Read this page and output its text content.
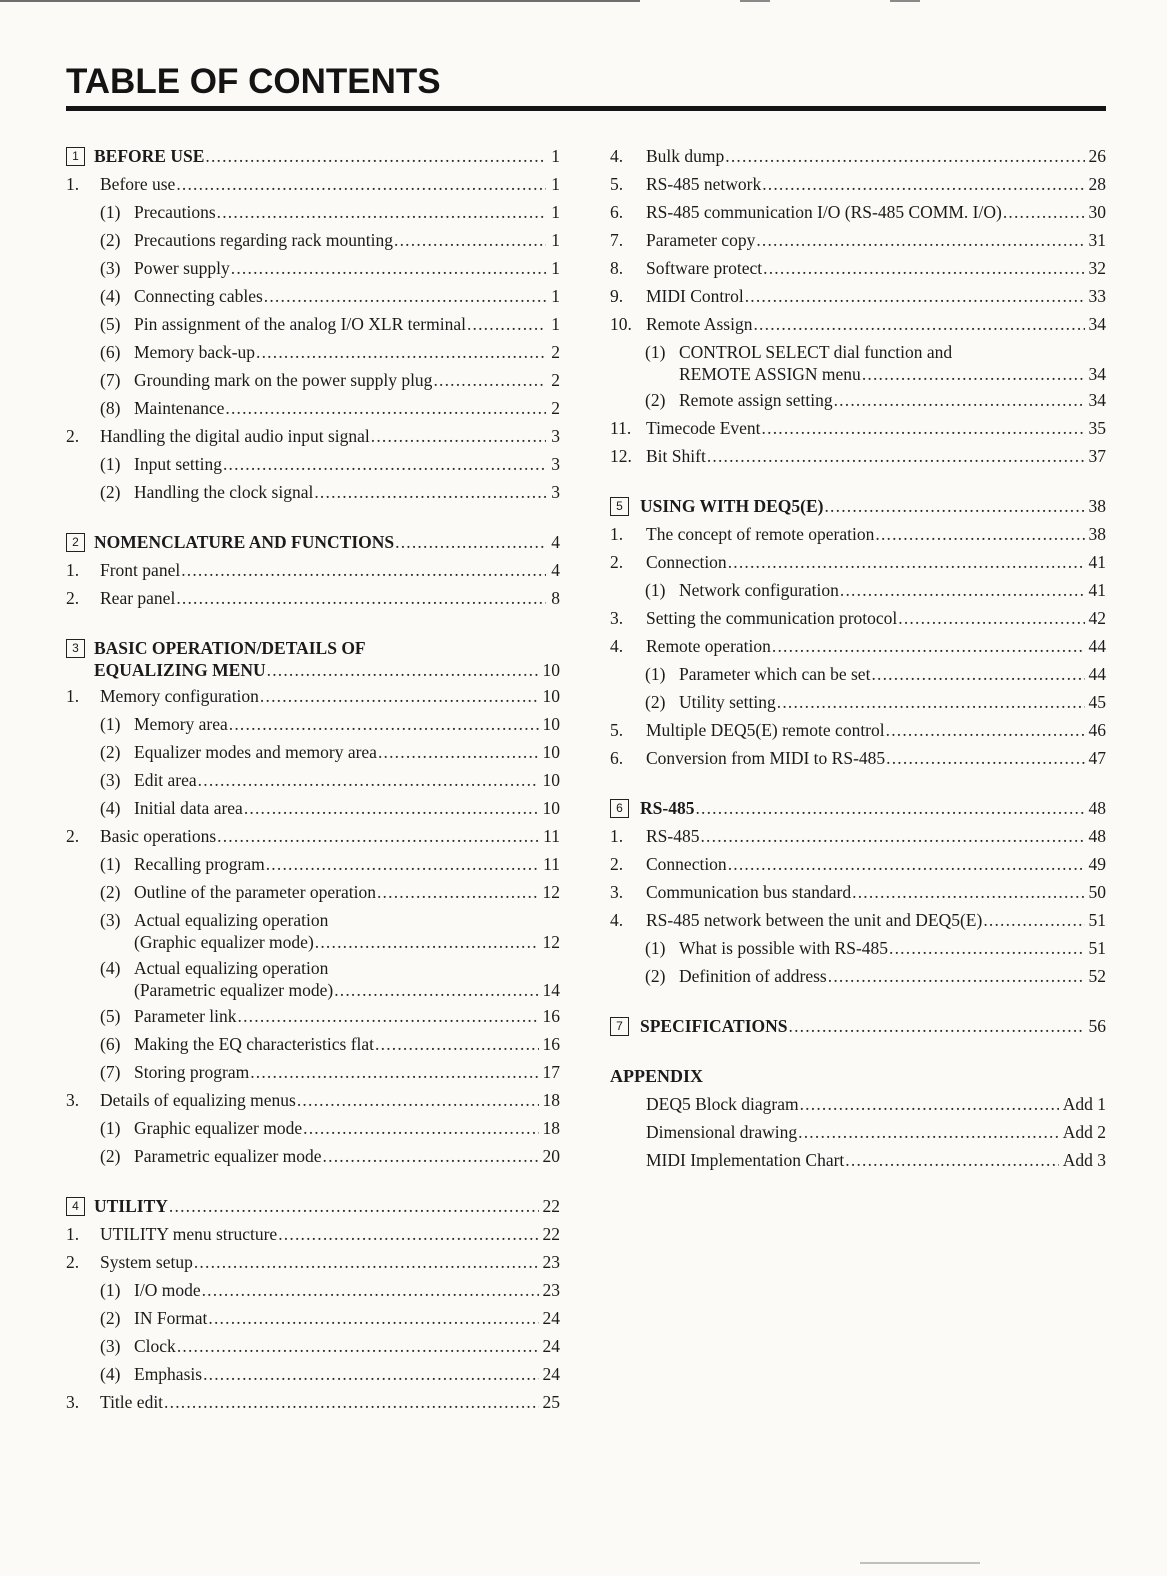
TABLE OF CONTENTS
1 BEFORE USE .....	1
1. Before use .....	1
(1) Precautions .....	1
(2) Precautions regarding rack mounting .....	1
(3) Power supply .....	1
(4) Connecting cables .....	1
(5) Pin assignment of the analog I/O XLR terminal .....	1
(6) Memory back-up .....	2
(7) Grounding mark on the power supply plug .....	2
(8) Maintenance .....	2
2. Handling the digital audio input signal .....	3
(1) Input setting .....	3
(2) Handling the clock signal .....	3
2 NOMENCLATURE AND FUNCTIONS .....	4
1. Front panel .....	4
2. Rear panel .....	8
3 BASIC OPERATION/DETAILS OF
EQUALIZING MENU .....	10
1. Memory configuration .....	10
(1) Memory area .....	10
(2) Equalizer modes and memory area .....	10
(3) Edit area .....	10
(4) Initial data area .....	10
2. Basic operations .....	11
(1) Recalling program .....	11
(2) Outline of the parameter operation .....	12
(3) Actual equalizing operation
(Graphic equalizer mode) .....	12
(4) Actual equalizing operation
(Parametric equalizer mode) .....	14
(5) Parameter link .....	16
(6) Making the EQ characteristics flat .....	16
(7) Storing program .....	17
3. Details of equalizing menus .....	18
(1) Graphic equalizer mode .....	18
(2) Parametric equalizer mode .....	20
4 UTILITY .....	22
1. UTILITY menu structure .....	22
2. System setup .....	23
(1) I/O mode .....	23
(2) IN Format .....	24
(3) Clock .....	24
(4) Emphasis .....	24
3. Title edit .....	25
4. Bulk dump .....	26
5. RS-485 network .....	28
6. RS-485 communication I/O (RS-485 COMM. I/O) .....	30
7. Parameter copy .....	31
8. Software protect .....	32
9. MIDI Control .....	33
10. Remote Assign .....	34
(1) CONTROL SELECT dial function and
REMOTE ASSIGN menu .....	34
(2) Remote assign setting .....	34
11. Timecode Event .....	35
12. Bit Shift .....	37
5 USING WITH DEQ5(E) .....	38
1. The concept of remote operation .....	38
2. Connection .....	41
(1) Network configuration .....	41
3. Setting the communication protocol .....	42
4. Remote operation .....	44
(1) Parameter which can be set .....	44
(2) Utility setting .....	45
5. Multiple DEQ5(E) remote control .....	46
6. Conversion from MIDI to RS-485 .....	47
6 RS-485 .....	48
1. RS-485 .....	48
2. Connection .....	49
3. Communication bus standard .....	50
4. RS-485 network between the unit and DEQ5(E) .....	51
(1) What is possible with RS-485 .....	51
(2) Definition of address .....	52
7 SPECIFICATIONS .....	56
APPENDIX
DEQ5 Block diagram .....	Add 1
Dimensional drawing .....	Add 2
MIDI Implementation Chart .....	Add 3
